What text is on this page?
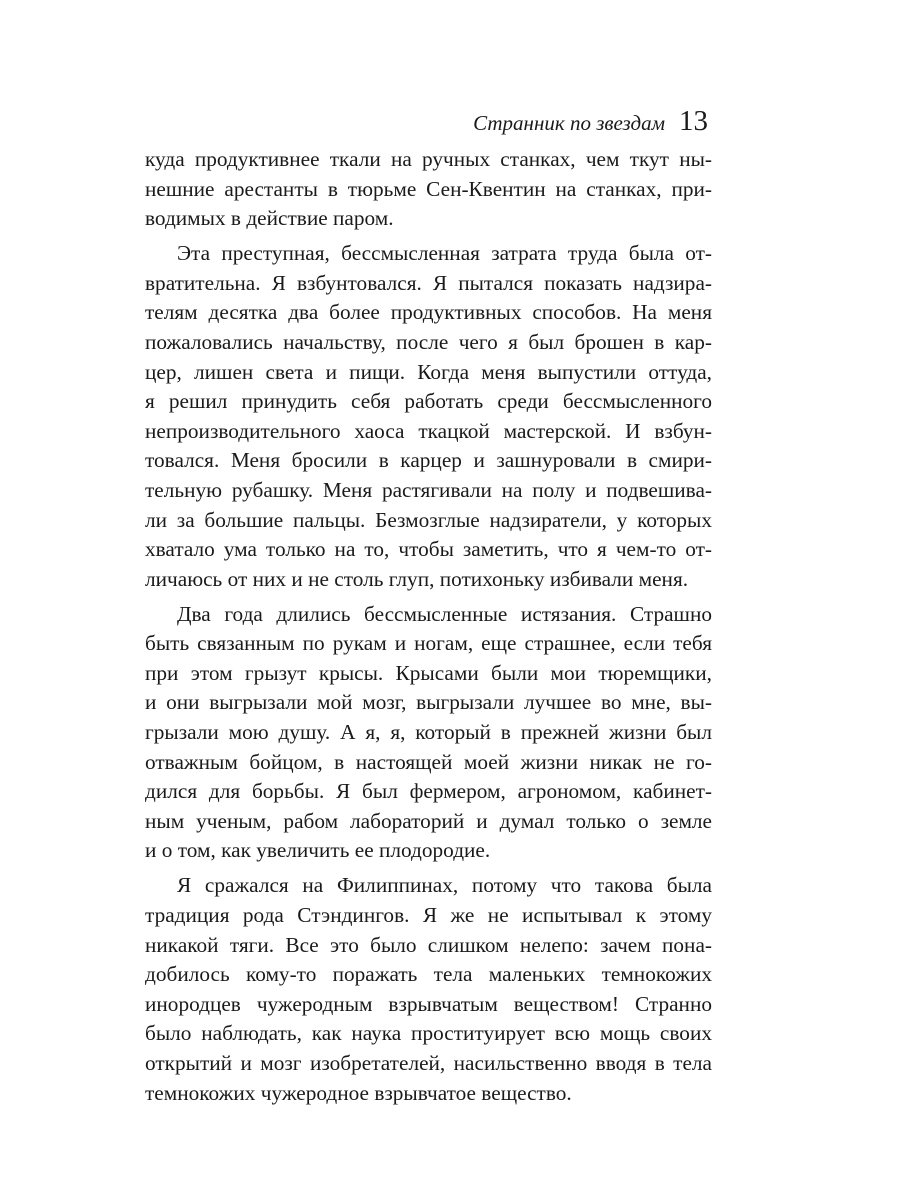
Странник по звездам 13
куда продуктивнее ткали на ручных станках, чем ткут ны-
нешние арестанты в тюрьме Сен-Квентин на станках, при-
водимых в действие паром.
Эта преступная, бессмысленная затрата труда была от-
вратительна. Я взбунтовался. Я пытался показать надзира-
телям десятка два более продуктивных способов. На меня
пожаловались начальству, после чего я был брошен в кар-
цер, лишен света и пищи. Когда меня выпустили оттуда,
я решил принудить себя работать среди бессмысленного
непроизводительного хаоса ткацкой мастерской. И взбун-
товался. Меня бросили в карцер и зашнуровали в смири-
тельную рубашку. Меня растягивали на полу и подвешива-
ли за большие пальцы. Безмозглые надзиратели, у которых
хватало ума только на то, чтобы заметить, что я чем-то от-
личаюсь от них и не столь глуп, потихоньку избивали меня.
Два года длились бессмысленные истязания. Страшно
быть связанным по рукам и ногам, еще страшнее, если тебя
при этом грызут крысы. Крысами были мои тюремщики,
и они выгрызали мой мозг, выгрызали лучшее во мне, вы-
грызали мою душу. А я, я, который в прежней жизни был
отважным бойцом, в настоящей моей жизни никак не го-
дился для борьбы. Я был фермером, агрономом, кабинет-
ным ученым, рабом лабораторий и думал только о земле
и о том, как увеличить ее плодородие.
Я сражался на Филиппинах, потому что такова была
традиция рода Стэндингов. Я же не испытывал к этому
никакой тяги. Все это было слишком нелепо: зачем пона-
добилось кому-то поражать тела маленьких темнокожих
инородцев чужеродным взрывчатым веществом! Странно
было наблюдать, как наука проституирует всю мощь своих
открытий и мозг изобретателей, насильственно вводя в тела
темнокожих чужеродное взрывчатое вещество.
